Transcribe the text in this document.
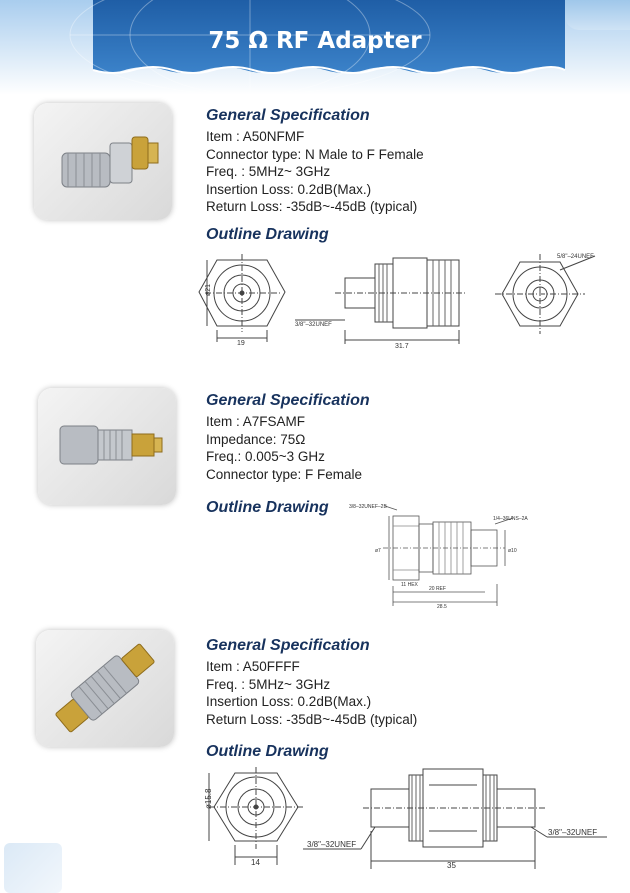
75 Ω RF Adapter
General Specification
Item : A50NFMF
Connector type: N Male to F Female
Freq. : 5MHz~ 3GHz
Insertion Loss: 0.2dB(Max.)
Return Loss: -35dB~-45dB (typical)
Outline Drawing
19
ø21
3/8"–32UNEF
31.7
5/8"–24UNEF
General Specification
Item : A7FSAMF
Impedance: 75Ω
Freq.: 0.005~3 GHz
Connector type: F Female
Outline Drawing	3/8–32UNEF–2B
1/4–36UNS–2A
11 HEX
ø7	ø10
20 REF
28.5
General Specification
Item : A50FFFF
Freq. : 5MHz~ 3GHz
Insertion Loss: 0.2dB(Max.)
Return Loss: -35dB~-45dB (typical)
Outline Drawing
ø15.8
14
3/8"–32UNEF
3/8"–32UNEF
35
